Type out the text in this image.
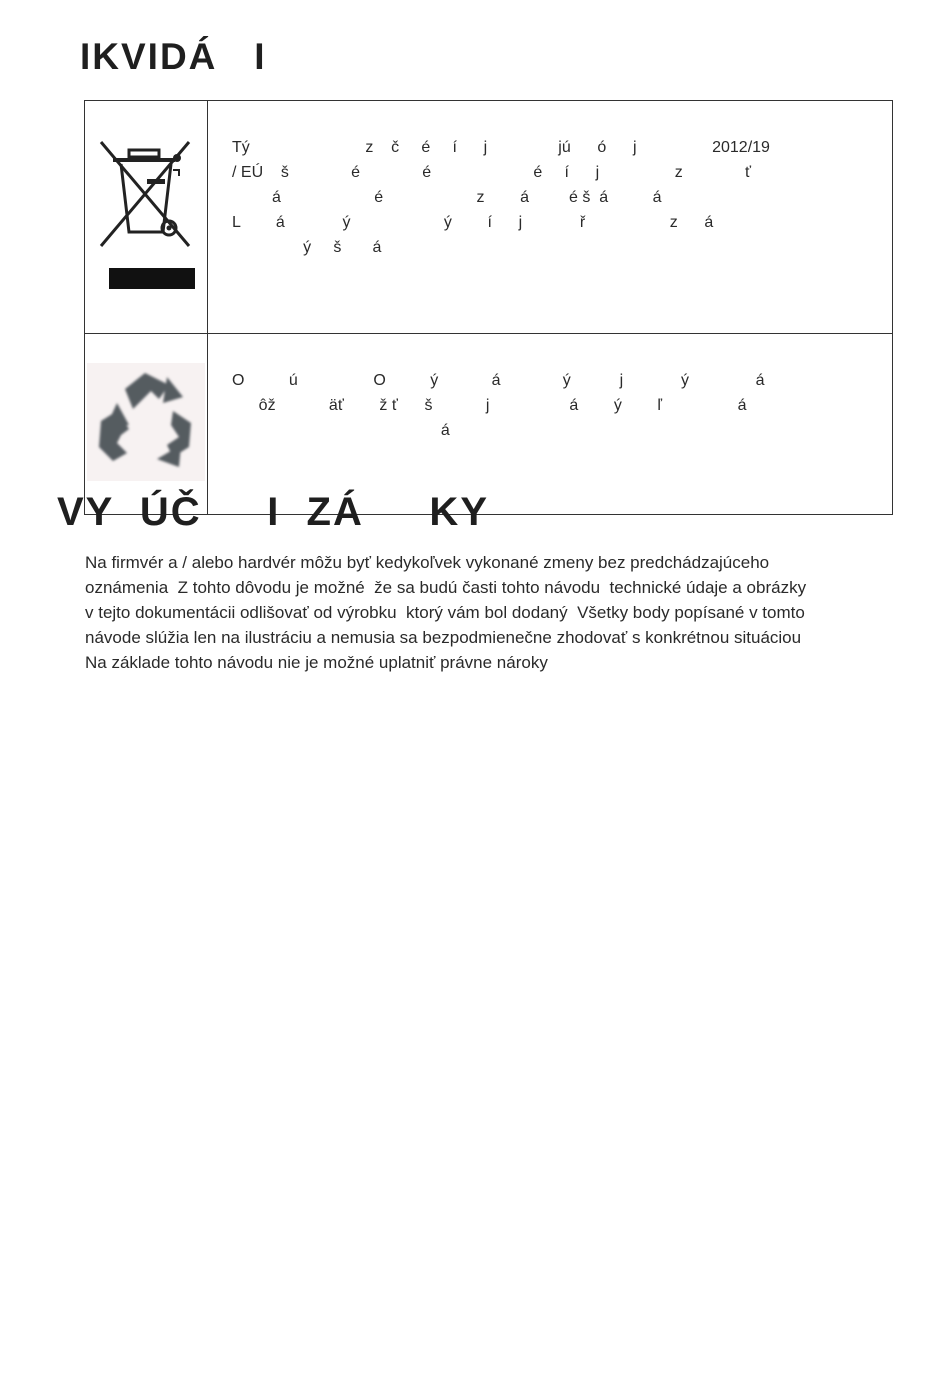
IKVIDÁ   I

Tý                          z    č     é     í      j                jú      ó      j                 2012/19
/ EÚ    š              é              é                       é     í      j                 z              ť
á                     é                     z        á         é š  á          á
L        á             ý                     ý        í      j             ř                   z      á
ý     š       á

O          ú                 O          ý            á              ý           j             ý               á
ôž            äť        ž ť      š            j                  á        ý        ľ                 á
á
VY  ÚČ     I  ZÁ     KY
Na firmvér a / alebo hardvér môžu byť kedykoľvek vykonané zmeny bez predchádzajúceho
oznámenia  Z tohto dôvodu je možné  že sa budú časti tohto návodu  technické údaje a obrázky
v tejto dokumentácii odlišovať od výrobku  ktorý vám bol dodaný  Všetky body popísané v tomto
návode slúžia len na ilustráciu a nemusia sa bezpodmienečne zhodovať s konkrétnou situáciou
Na základe tohto návodu nie je možné uplatniť právne nároky
